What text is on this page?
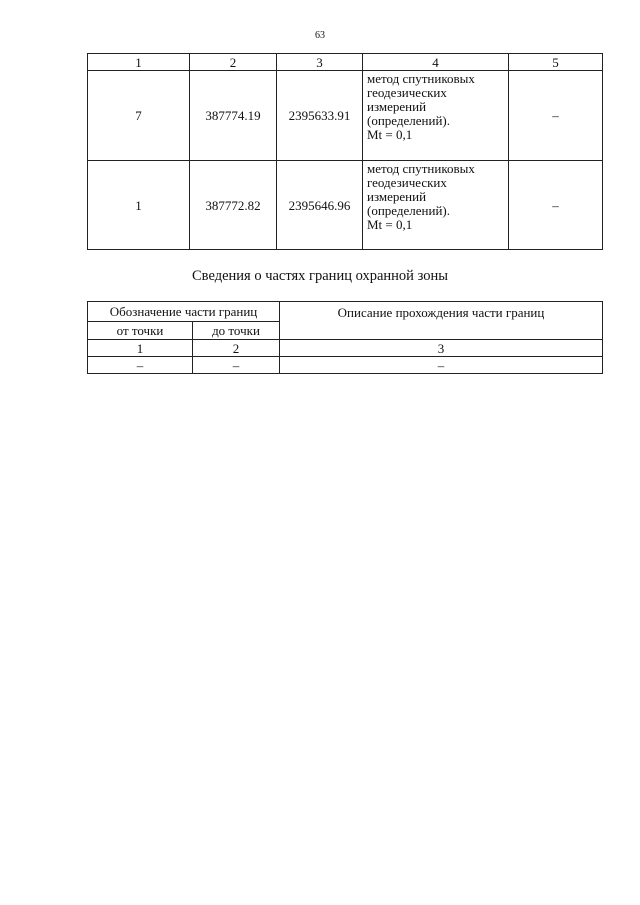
63
1	2	3	4	5
7	387774.19	2395633.91	метод спутниковых
геодезических
измерений
(определений).
Mt = 0,1	–
1	387772.82	2395646.96	метод спутниковых
геодезических
измерений
(определений).
Mt = 0,1	–
Сведения о частях границ охранной зоны
Обозначение части границ		Описание прохождения части границ
от точки	до точки	
1	2	3
–	–	–
